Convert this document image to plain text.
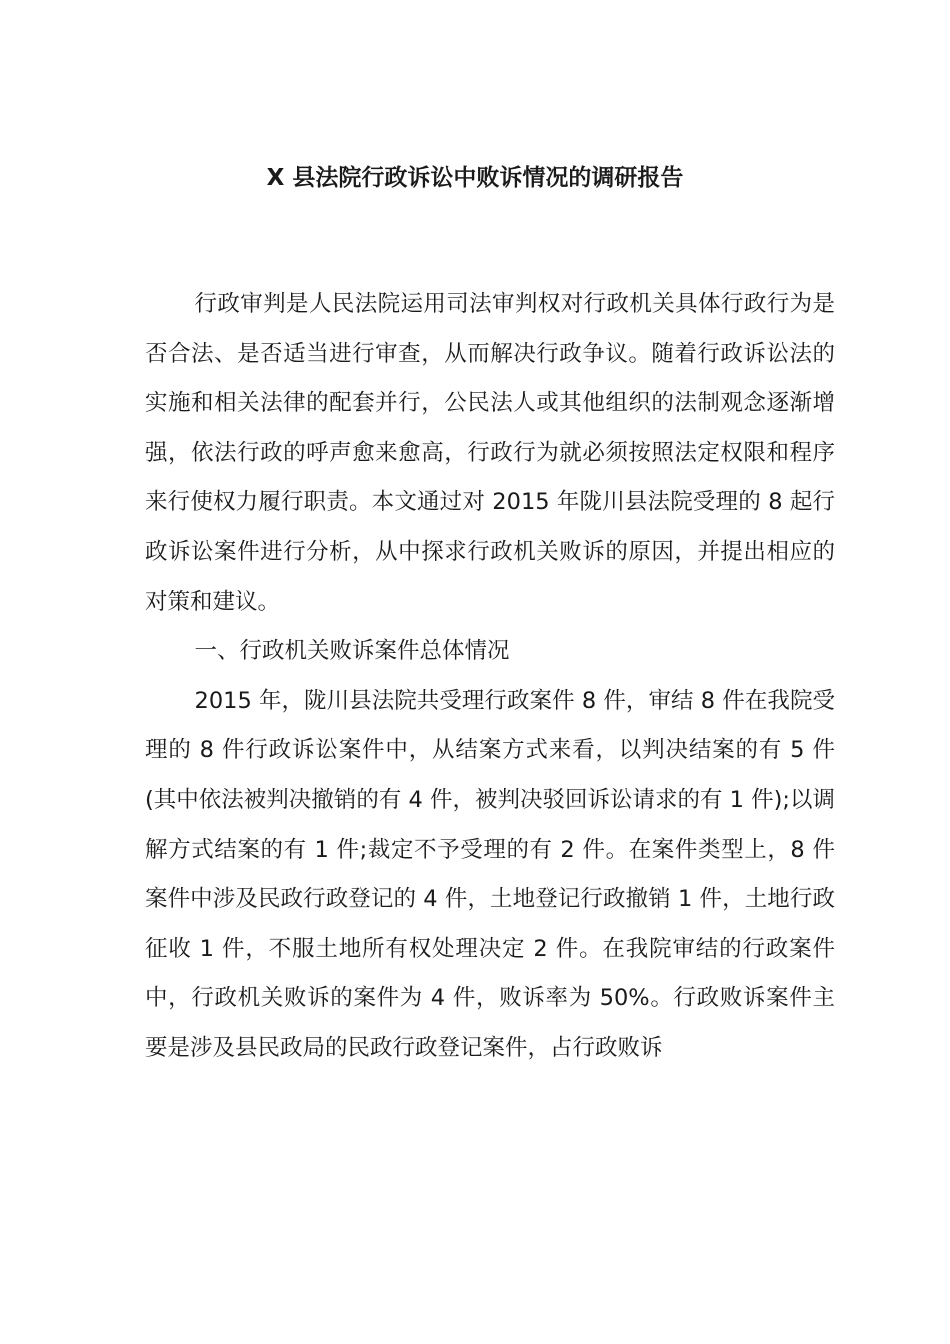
X 县法院行政诉讼中败诉情况的调研报告

行政审判是人民法院运用司法审判权对行政机关具体行政行为是否合法、是否适当进行审查，从而解决行政争议。随着行政诉讼法的实施和相关法律的配套并行，公民法人或其他组织的法制观念逐渐增强，依法行政的呼声愈来愈高，行政行为就必须按照法定权限和程序来行使权力履行职责。本文通过对 2015 年陇川县法院受理的 8 起行政诉讼案件进行分析，从中探求行政机关败诉的原因，并提出相应的对策和建议。

一、行政机关败诉案件总体情况

2015 年，陇川县法院共受理行政案件 8 件，审结 8 件在我院受理的 8 件行政诉讼案件中，从结案方式来看，以判决结案的有 5 件(其中依法被判决撤销的有 4 件，被判决驳回诉讼请求的有 1 件);以调解方式结案的有 1 件;裁定不予受理的有 2 件。在案件类型上，8 件案件中涉及民政行政登记的 4 件，土地登记行政撤销 1 件，土地行政征收 1 件，不服土地所有权处理决定 2 件。在我院审结的行政案件中，行政机关败诉的案件为 4 件，败诉率为 50%。行政败诉案件主要是涉及县民政局的民政行政登记案件，占行政败诉
